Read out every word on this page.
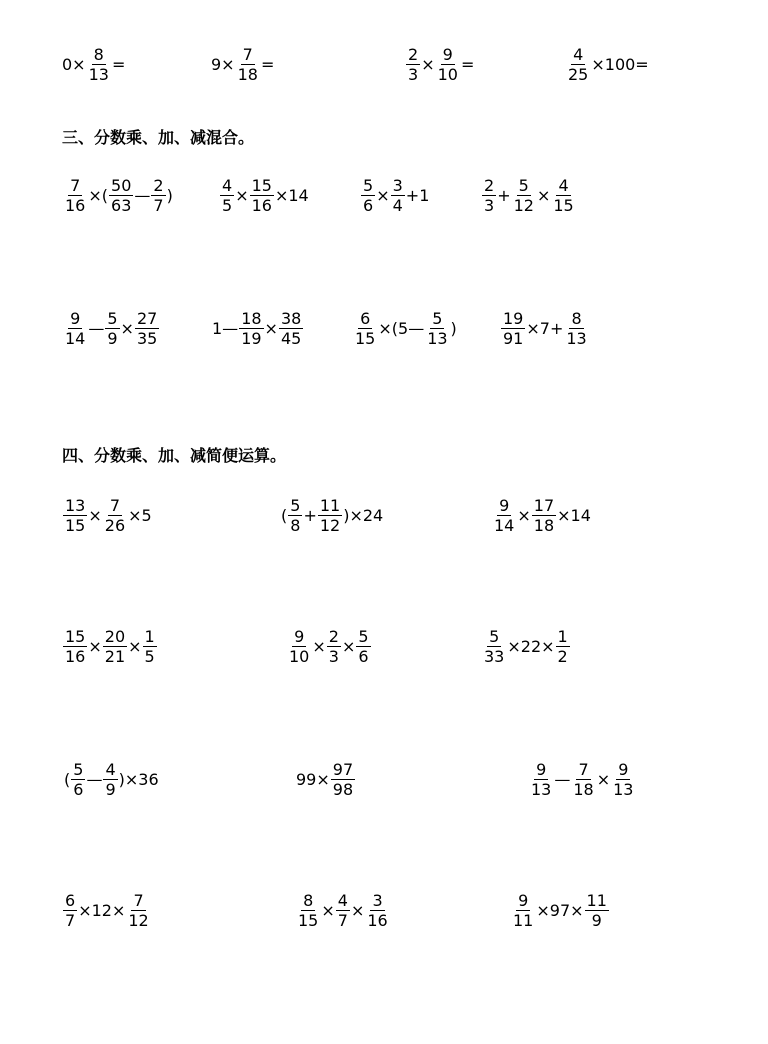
$0\times \frac{8}{13}$ =	$9\times \frac{7}{18}$ =	$\frac{2}{3} \times \frac{9}{10}$ =	$\frac{4}{25} \times 100=$
三、分数乘、加、减混合。
$\frac{7}{16}$ ×( $\frac{50}{63}$ — $\frac{2}{7}$ )	$\frac{4}{5} \times \frac{15}{16} \times 14$	$\frac{5}{6} \times \frac{3}{4} +1$	$\frac{2}{3} + \frac{5}{12} \times \frac{4}{15}$
$\frac{9}{14}$ — $\frac{5}{9} \times \frac{27}{35}$	1— $\frac{18}{19} \times \frac{38}{45}$	$\frac{6}{15}$ ×(5— $\frac{5}{13}$ )	$\frac{19}{91} \times 7+ \frac{8}{13}$
四、分数乘、加、减简便运算。
$\frac{13}{15} \times \frac{7}{26} \times 5$	( $\frac{5}{8} + \frac{11}{12} )\times 24$	$\frac{9}{14} \times \frac{17}{18} \times 14$
$\frac{15}{16} \times \frac{20}{21} \times \frac{1}{5}$	$\frac{9}{10} \times \frac{2}{3} \times \frac{5}{6}$	$\frac{5}{33} \times 22\times \frac{1}{2}$
( $\frac{5}{6}$ — $\frac{4}{9} )\times 36$	$99\times \frac{97}{98}$	$\frac{9}{13}$ — $\frac{7}{18} \times \frac{9}{13}$
$\frac{6}{7} \times 12\times \frac{7}{12}$	$\frac{8}{15} \times \frac{4}{7} \times \frac{3}{16}$	$\frac{9}{11} \times 97\times \frac{11}{9}$
